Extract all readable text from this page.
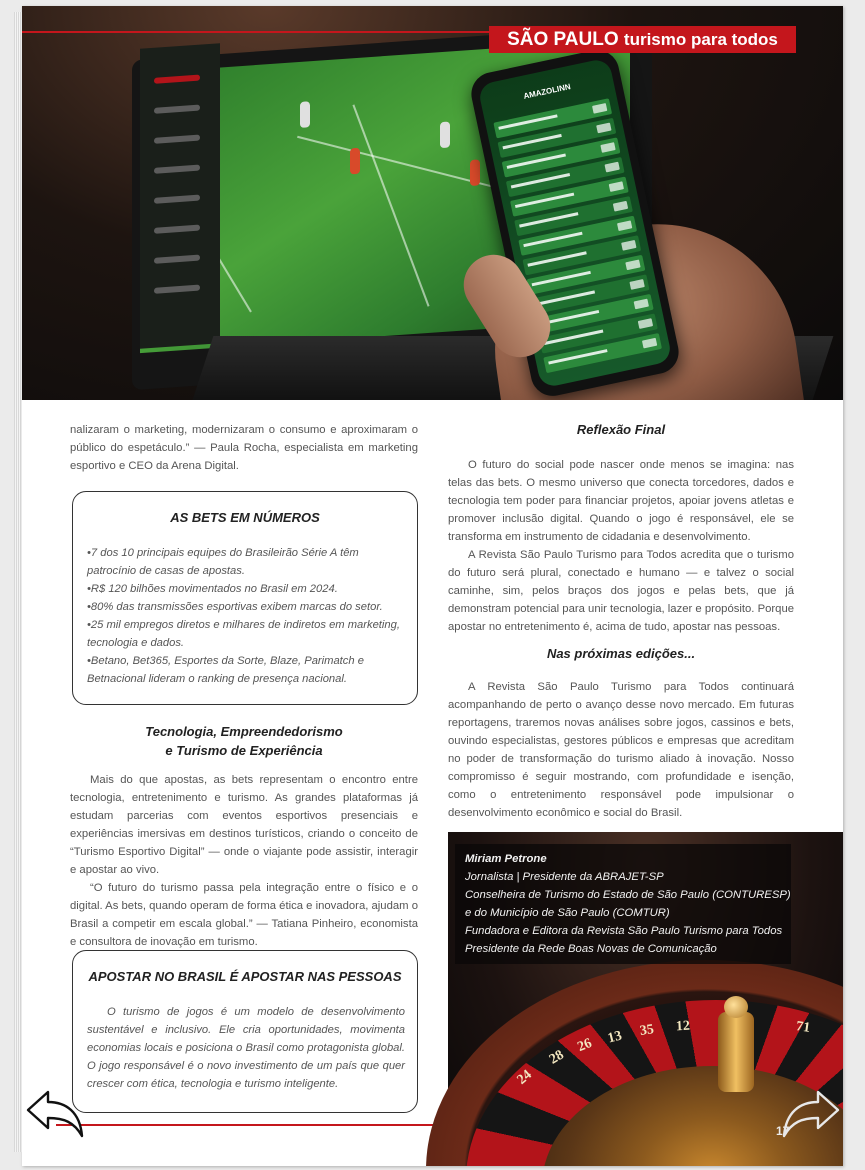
AMAZOLINN
SÃO PAULO turismo para todos

nalizaram o marketing, modernizaram o consumo e aproximaram o público do espetáculo.” — Paula Rocha, especialista em marketing esportivo e CEO da Arena Digital.

AS BETS EM NÚMEROS

•7 dos 10 principais equipes do Brasileirão Série A têm patrocínio de casas de apostas.

•R$ 120 bilhões movimentados no Brasil em 2024.

•80% das transmissões esportivas exibem marcas do setor.

•25 mil empregos diretos e milhares de indiretos em marketing, tecnologia e dados.

•Betano, Bet365, Esportes da Sorte, Blaze, Parimatch e Betnacional lideram o ranking de presença nacional.

Tecnologia, Empreendedorismo
e Turismo de Experiência

Mais do que apostas, as bets representam o encontro entre tecnologia, entretenimento e turismo. As grandes plataformas já estudam parcerias com eventos esportivos presenciais e experiências imersivas em destinos turísticos, criando o conceito de “Turismo Esportivo Digital” — onde o viajante pode assistir, interagir e apostar ao vivo.

“O futuro do turismo passa pela integração entre o físico e o digital. As bets, quando operam de forma ética e inovadora, ajudam o Brasil a competir em escala global.” — Tatiana Pinheiro, economista e consultora de inovação em turismo.

APOSTAR NO BRASIL É APOSTAR NAS PESSOAS

O turismo de jogos é um modelo de desenvolvimento sustentável e inclusivo. Ele cria oportunidades, movimenta economias locais e posiciona o Brasil como protagonista global. O jogo responsável é o novo investimento de um país que quer crescer com ética, tecnologia e turismo inteligente.

Reflexão Final

O futuro do social pode nascer onde menos se imagina: nas telas das bets. O mesmo universo que conecta torcedores, dados e tecnologia tem poder para financiar projetos, apoiar jovens atletas e promover inclusão digital. Quando o jogo é responsável, ele se transforma em instrumento de cidadania e desenvolvimento.

A Revista São Paulo Turismo para Todos acredita que o turismo do futuro será plural, conectado e humano — e talvez o social caminhe, sim, pelos braços dos jogos e pelas bets, que já demonstram potencial para unir tecnologia, lazer e propósito. Porque apostar no entretenimento é, acima de tudo, apostar nas pessoas.

Nas próximas edições...

A Revista São Paulo Turismo para Todos continuará acompanhando de perto o avanço desse novo mercado. Em futuras reportagens, traremos novas análises sobre jogos, cassinos e bets, ouvindo especialistas, gestores públicos e empresas que acreditam no poder de transformação do turismo aliado à inovação. Nosso compromisso é seguir mostrando, com profundidade e isenção, como o entretenimento responsável pode impulsionar o desenvolvimento econômico e social do Brasil.

24
28
26 13 35 12	71
Miriam Petrone
Jornalista | Presidente da ABRAJET-SP
Conselheira de Turismo do Estado de São Paulo (CONTURESP)
e do Município de São Paulo (COMTUR)
Fundadora e Editora da Revista São Paulo Turismo para Todos
Presidente da Rede Boas Novas de Comunicação
17
